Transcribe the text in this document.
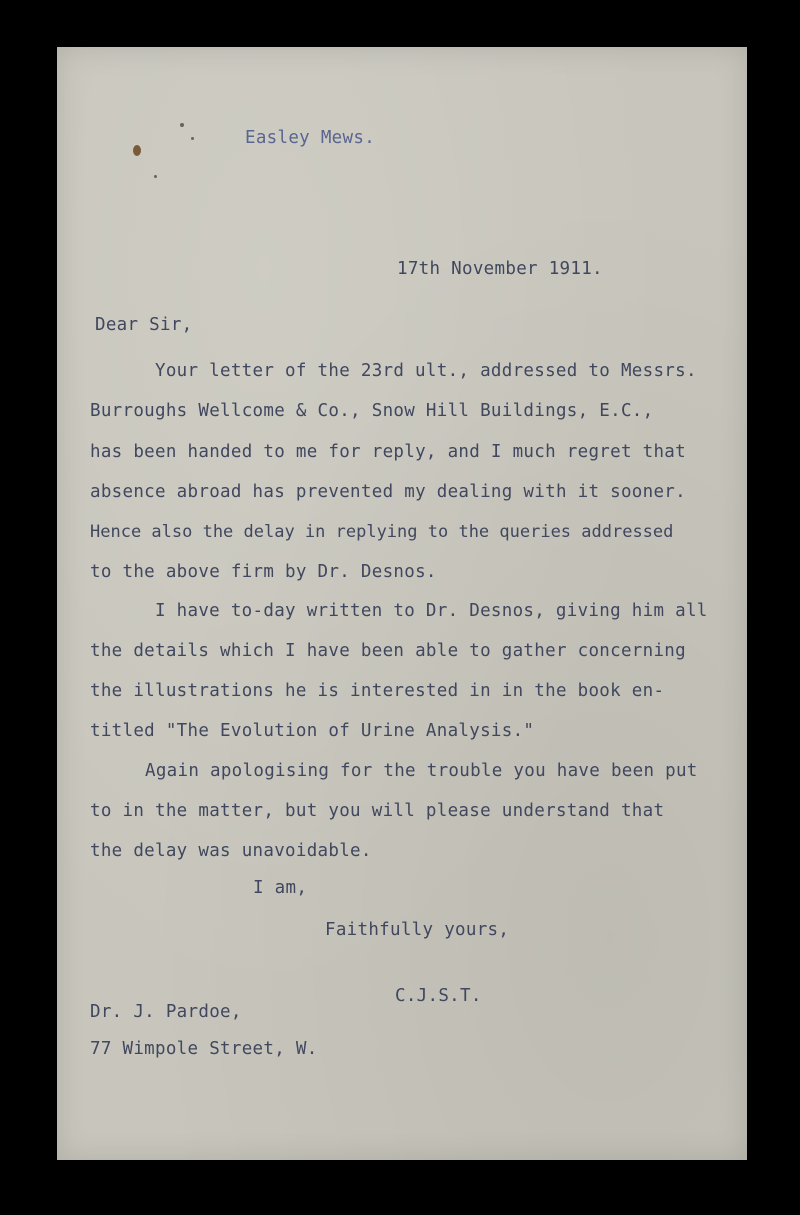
Easley Mews.
17th November 1911.
Dear Sir,
Your letter of the 23rd ult., addressed to Messrs.
Burroughs Wellcome & Co., Snow Hill Buildings, E.C.,
has been handed to me for reply, and I much regret that
absence abroad has prevented my dealing with it sooner.
Hence also the delay in replying to the queries addressed
to the above firm by Dr. Desnos.
I have to-day written to Dr. Desnos, giving him all
the details which I have been able to gather concerning
the illustrations he is interested in in the book en-
titled "The Evolution of Urine Analysis."
Again apologising for the trouble you have been put
to in the matter, but you will please understand that
the delay was unavoidable.
I am,
Faithfully yours,
C.J.S.T.
Dr. J. Pardoe,
77 Wimpole Street, W.
